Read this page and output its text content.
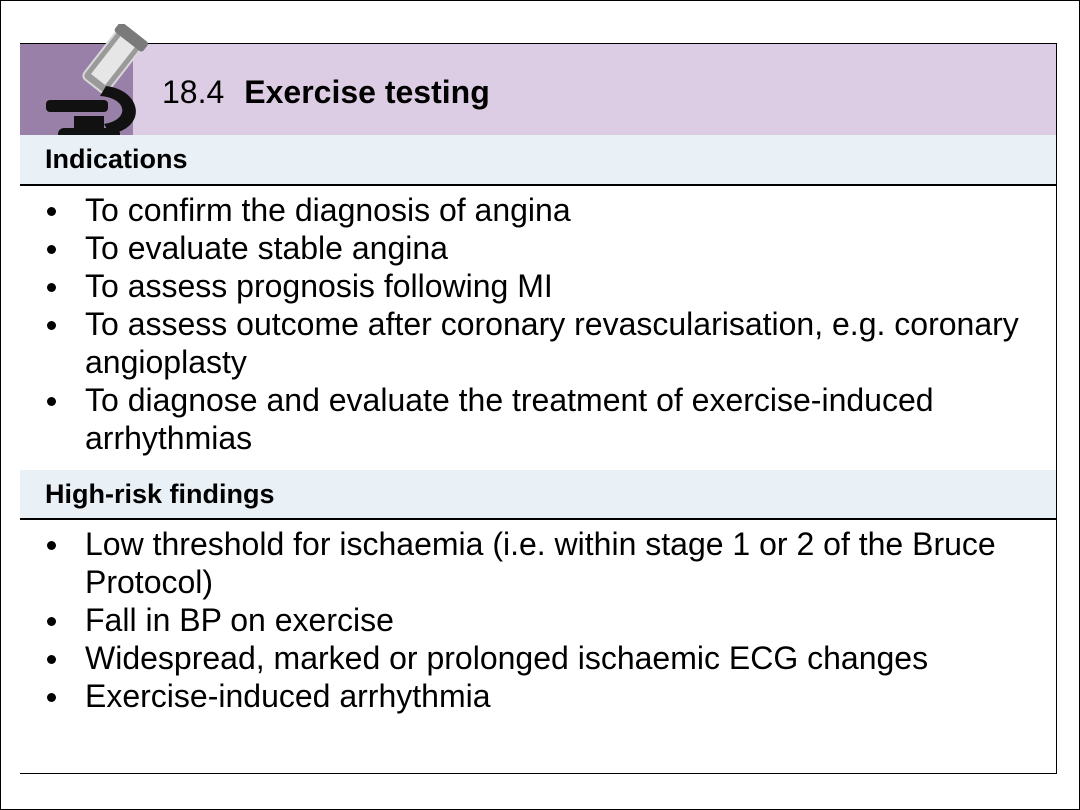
18.4 Exercise testing
Indications
To confirm the diagnosis of angina
To evaluate stable angina
To assess prognosis following MI
To assess outcome after coronary revascularisation, e.g. coronary angioplasty
To diagnose and evaluate the treatment of exercise-induced arrhythmias
High-risk findings
Low threshold for ischaemia (i.e. within stage 1 or 2 of the Bruce Protocol)
Fall in BP on exercise
Widespread, marked or prolonged ischaemic ECG changes
Exercise-induced arrhythmia
